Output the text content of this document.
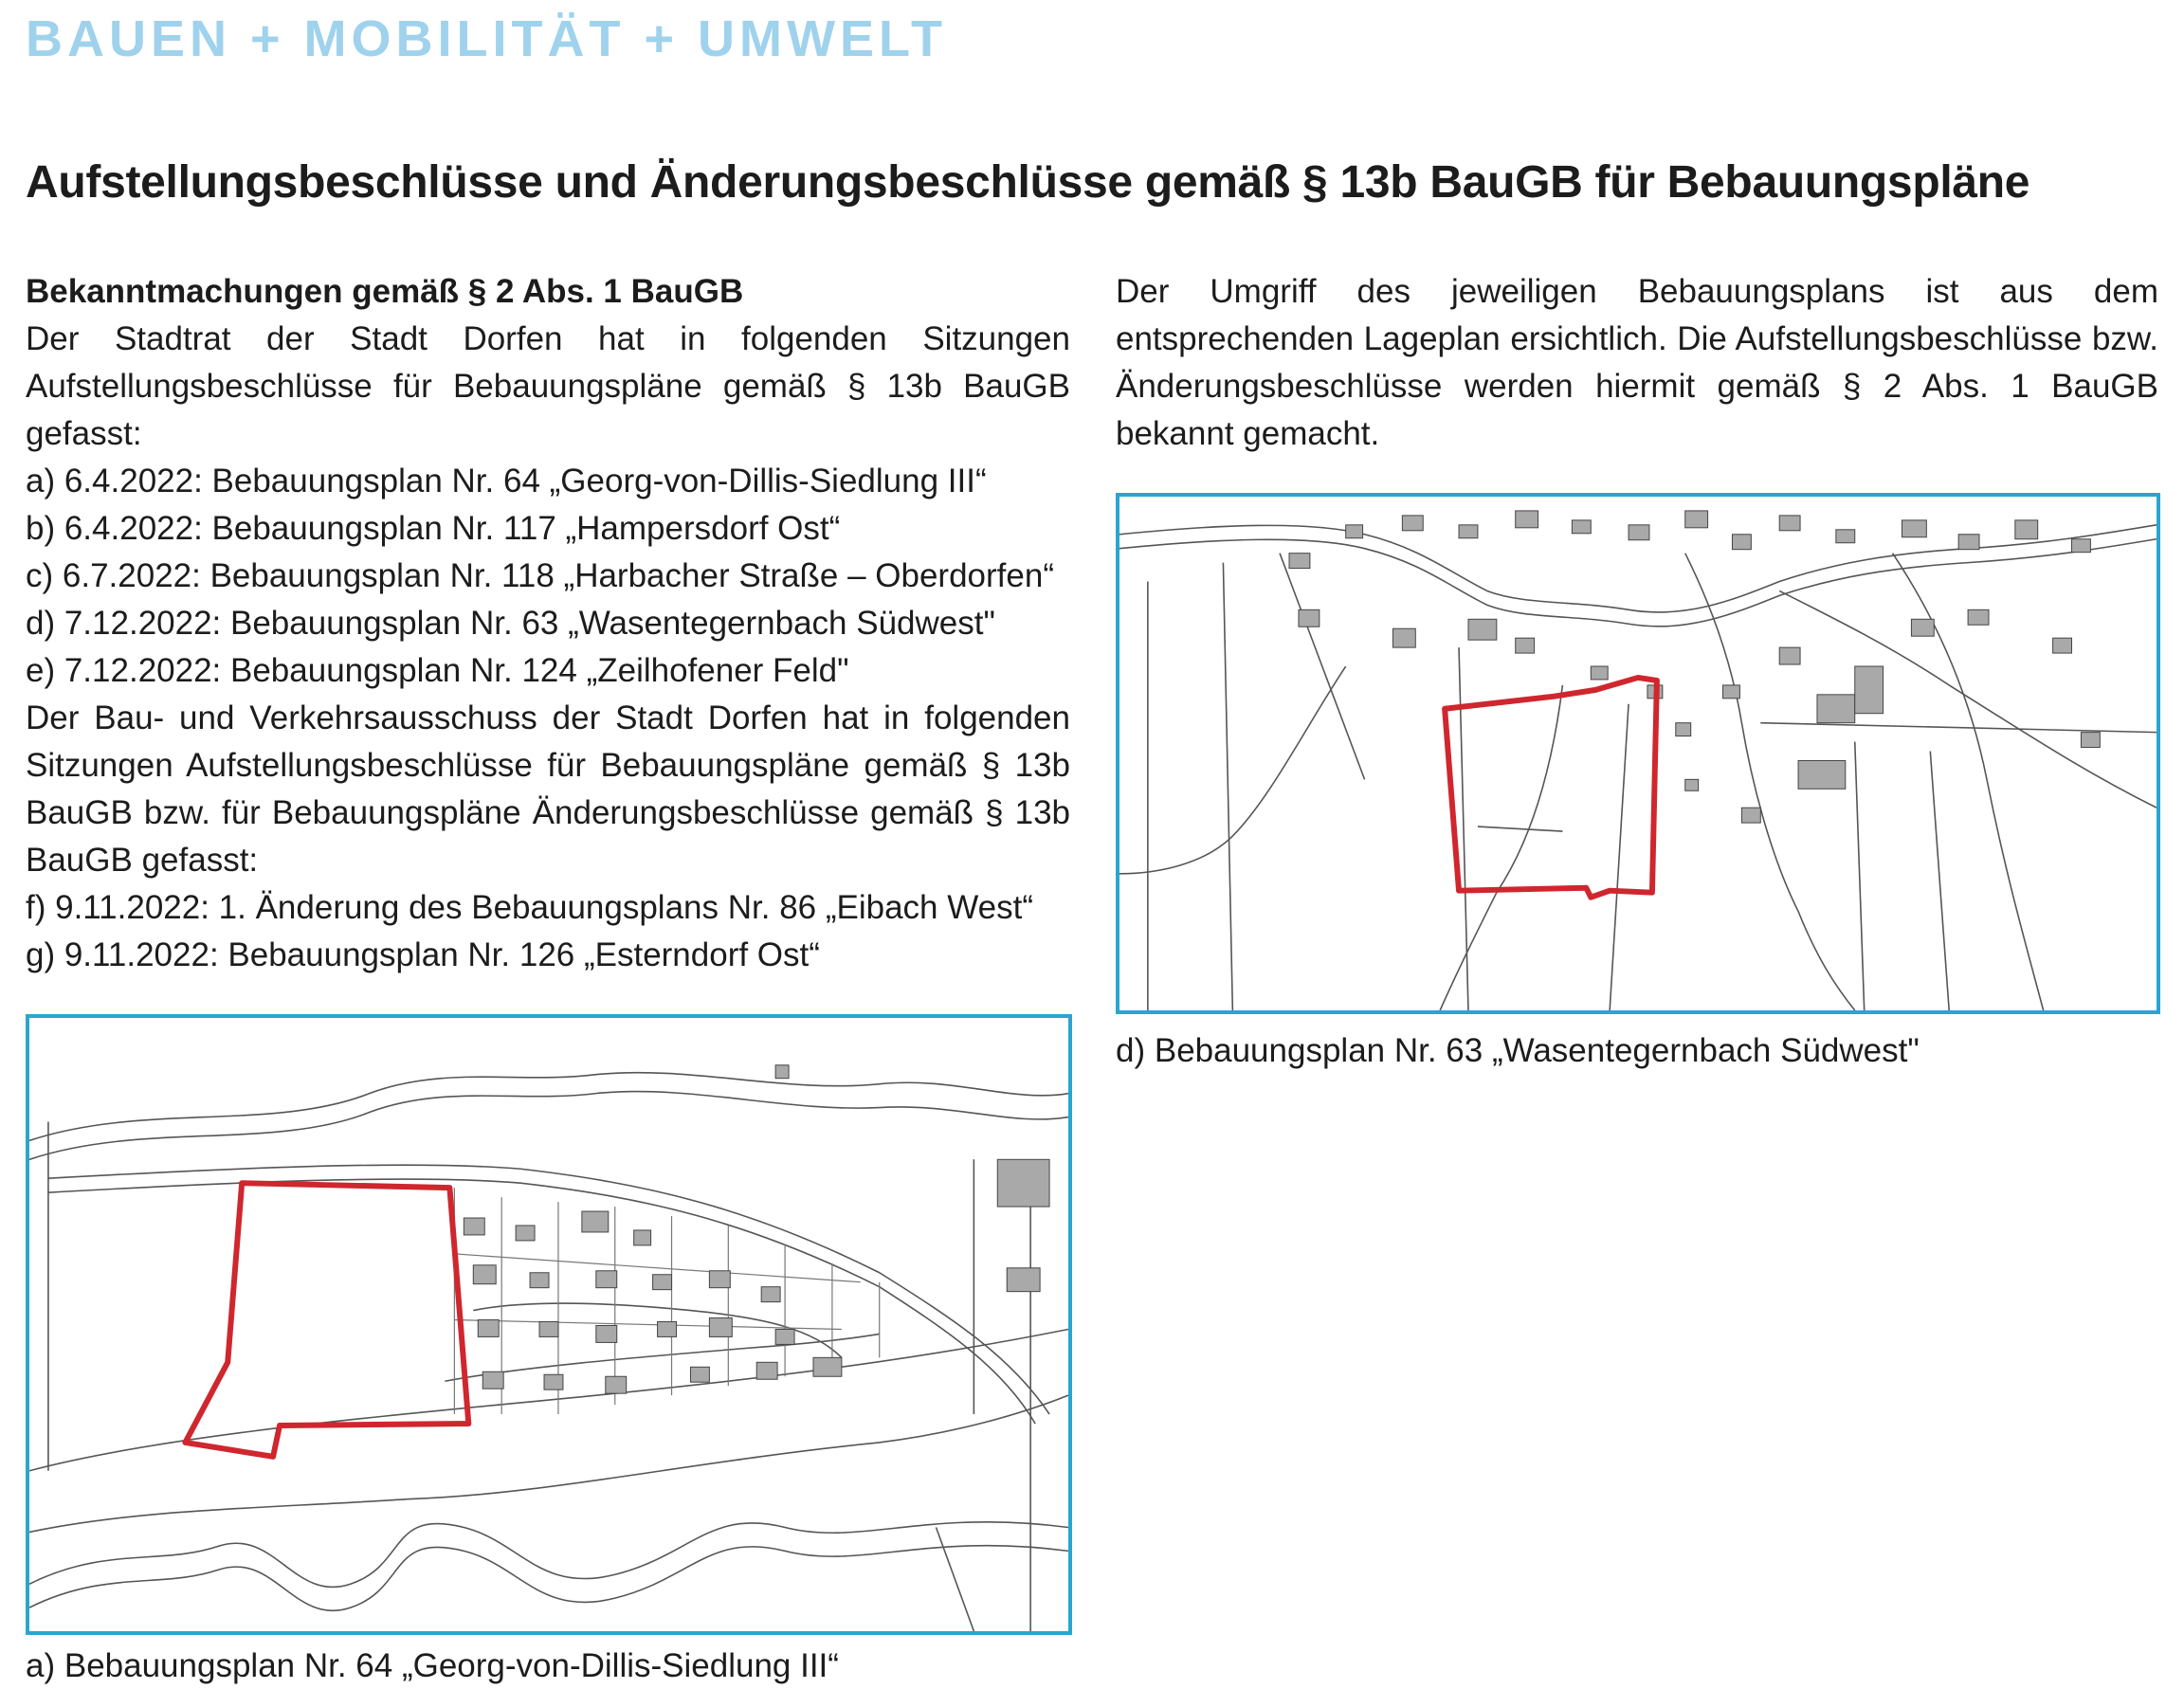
BAUEN + MOBILITÄT + UMWELT
Aufstellungsbeschlüsse und Änderungsbeschlüsse gemäß § 13b BauGB für Bebauungspläne

Bekanntmachungen gemäß § 2 Abs. 1 BauGB

Der Stadtrat der Stadt Dorfen hat in folgenden Sitzungen Aufstellungsbeschlüsse für Bebauungspläne gemäß § 13b BauGB gefasst:

a) 6.4.2022: Bebauungsplan Nr. 64 „Georg-von-Dillis-Siedlung III“
b) 6.4.2022: Bebauungsplan Nr. 117 „Hampersdorf Ost“
c) 6.7.2022: Bebauungsplan Nr. 118 „Harbacher Straße – Oberdorfen“
d) 7.12.2022: Bebauungsplan Nr. 63 „Wasentegernbach Südwest"
e) 7.12.2022: Bebauungsplan Nr. 124 „Zeilhofener Feld"

Der Bau- und Verkehrsausschuss der Stadt Dorfen hat in folgenden Sitzungen Aufstellungsbeschlüsse für Bebauungspläne gemäß § 13b BauGB bzw. für Bebauungspläne Änderungsbeschlüsse gemäß § 13b BauGB gefasst:

f) 9.11.2022: 1. Änderung des Bebauungsplans Nr. 86 „Eibach West“
g) 9.11.2022: Bebauungsplan Nr. 126 „Esterndorf Ost“

Der Umgriff des jeweiligen Bebauungsplans ist aus dem entsprechenden Lageplan ersichtlich. Die Aufstellungsbeschlüsse bzw. Änderungsbeschlüsse werden hiermit gemäß § 2 Abs. 1 BauGB bekannt gemacht.

a) Bebauungsplan Nr. 64 „Georg-von-Dillis-Siedlung III“

d) Bebauungsplan Nr. 63 „Wasentegernbach Südwest"
